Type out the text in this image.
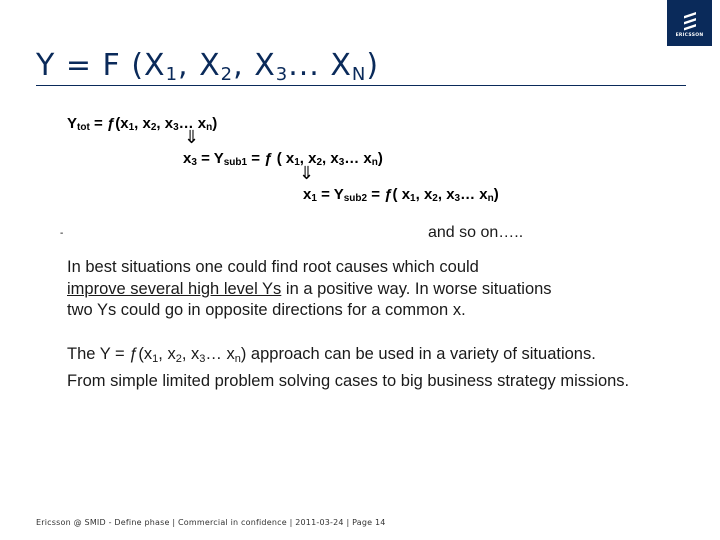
ERICSSON
Y = F ($X_1$, $X_2$, $X_3$... $X_N$)
$Y_{tot}$ = $ƒ(x_1$, $x_2$, $x_3\dots$ $x_n$)
⇓
$x_3 = Y_{sub1}$ = ƒ ( $x_1$, $x_2$, $x_3\dots$ $x_n$)
⇓
$x_1 = Y_{sub2}$ = ƒ( $x_1$, $x_2$, $x_3\dots$ $x_n$)
-	and so on…..
In best situations one could find root causes which could
improve several high level Ys in a positive way. In worse situations
two Ys could go in opposite directions for a common x.
The $Y = ƒ(x_1$, $x_2$, $x_3\dots$ $x_n$) approach can be used in a variety of situations.
From simple limited problem solving cases to big business strategy missions.
Ericsson @ SMID - Define phase | Commercial in confidence | 2011-03-24 | Page 14
